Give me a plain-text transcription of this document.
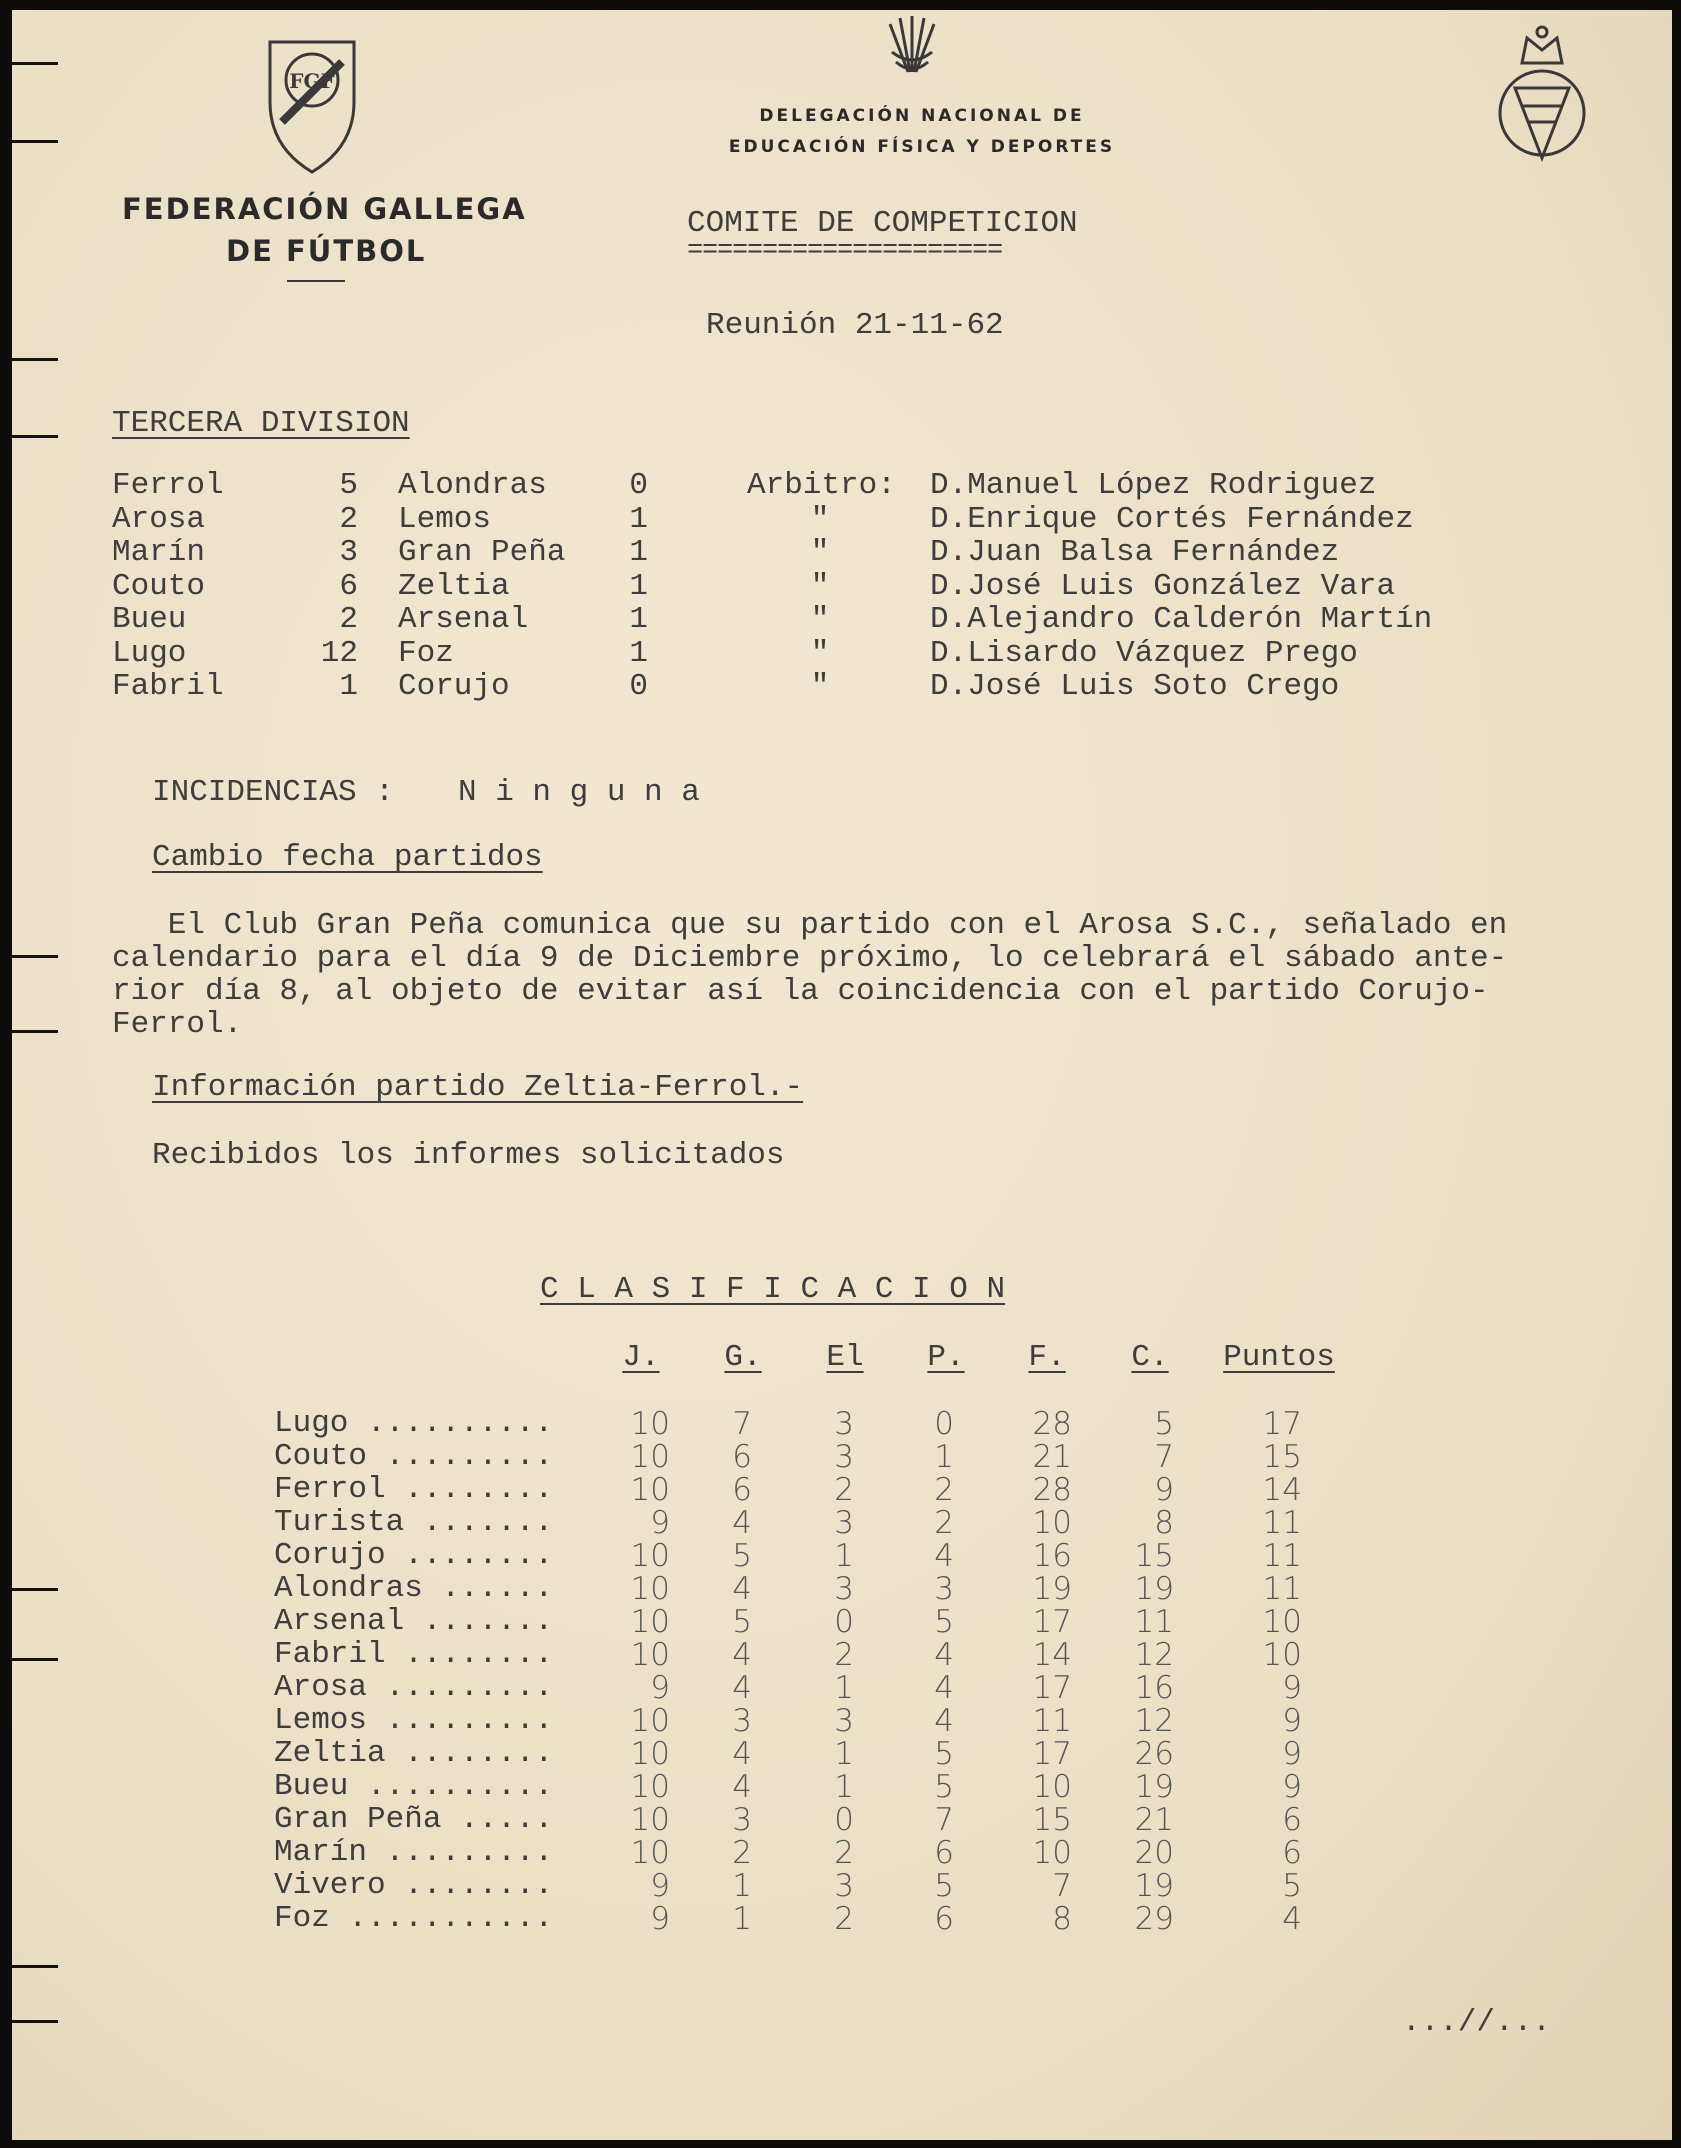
FGF
FEDERACIÓN GALLEGA
DE FÚTBOL
DELEGACIÓN NACIONAL DE
EDUCACIÓN FÍSICA Y DEPORTES
COMITE DE COMPETICION
=====================
Reunión 21-11-62
TERCERA DIVISION
Ferrol	5 Alondras	0	Arbitro: D.Manuel López Rodriguez
Arosa	2 Lemos	1	"	D.Enrique Cortés Fernández
Marín	3 Gran Peña	1	"	D.Juan Balsa Fernández
Couto	6 Zeltia	1	"	D.José Luis González Vara
Bueu	2 Arsenal	1	"	D.Alejandro Calderón Martín
Lugo	12 Foz	1	"	D.Lisardo Vázquez Prego
Fabril	1 Corujo	0	"	D.José Luis Soto Crego
INCIDENCIAS : N i n g u n a
Cambio fecha partidos
El Club Gran Peña comunica que su partido con el Arosa S.C., señalado en
calendario para el día 9 de Diciembre próximo, lo celebrará el sábado ante-
rior día 8, al objeto de evitar así la coincidencia con el partido Corujo-
Ferrol.
Información partido Zeltia-Ferrol.-
Recibidos los informes solicitados
C L A S I F I C A C I O N
J.	G.	El	P.	F.	C.	Puntos
Lugo ..........	10	7	3	0	28	5	17
Couto .........	10	6	3	1	21	7	15
Ferrol ........	10	6	2	2	28	9	14
Turista .......	9	4	3	2	10	8	11
Corujo ........	10	5	1	4	16	15	11
Alondras ......	10	4	3	3	19	19	11
Arsenal .......	10	5	0	5	17	11	10
Fabril ........	10	4	2	4	14	12	10
Arosa .........	9	4	1	4	17	16	9
Lemos .........	10	3	3	4	11	12	9
Zeltia ........	10	4	1	5	17	26	9
Bueu ..........	10	4	1	5	10	19	9
Gran Peña .....	10	3	0	7	15	21	6
Marín .........	10	2	2	6	10	20	6
Vivero ........	9	1	3	5	7	19	5
Foz ...........	9	1	2	6	8	29	4
...//...
